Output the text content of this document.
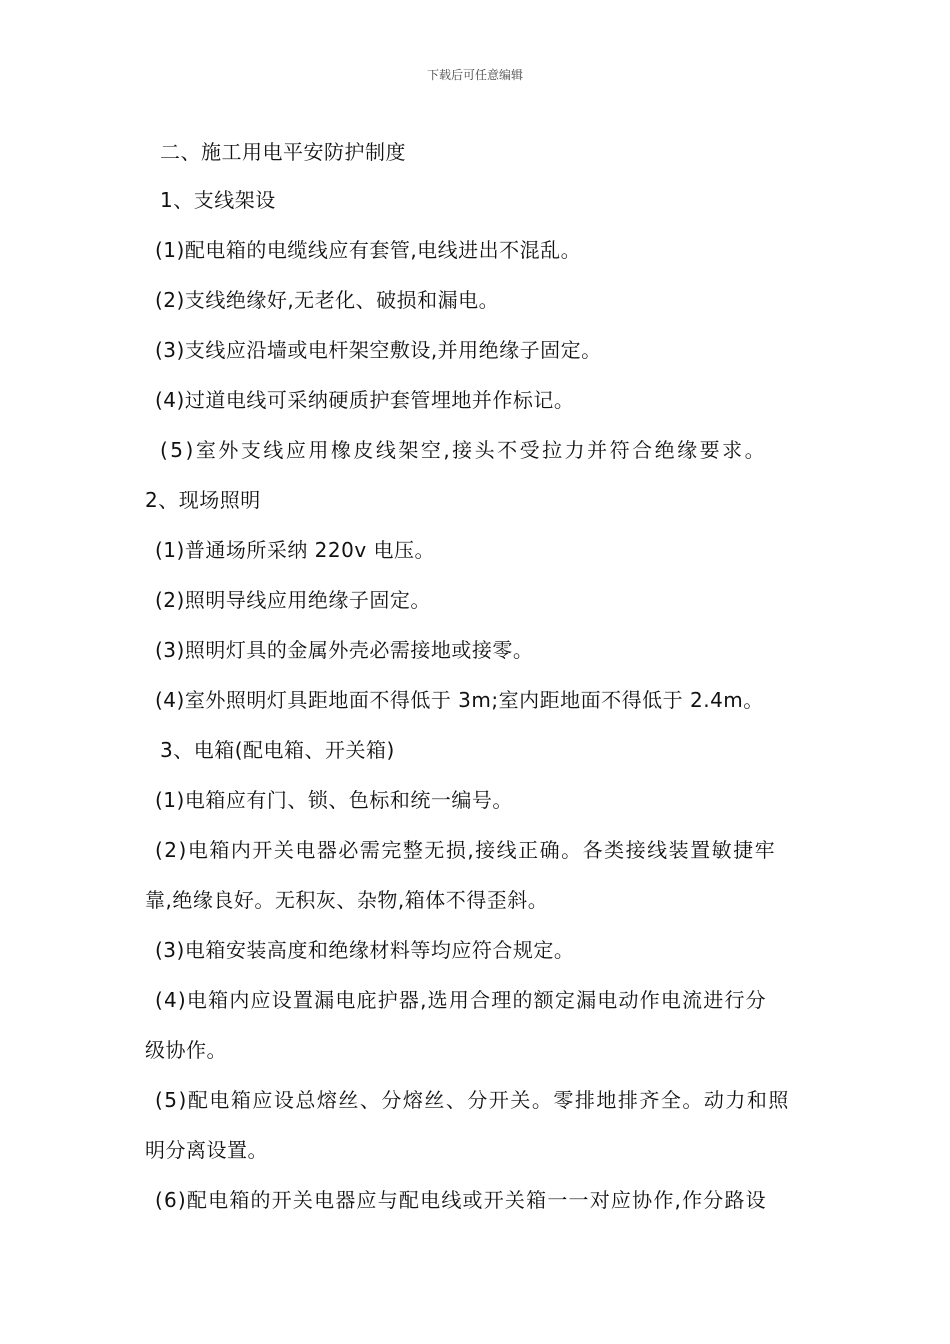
下载后可任意编辑
二、施工用电平安防护制度
1、支线架设
(1)配电箱的电缆线应有套管,电线进出不混乱。
(2)支线绝缘好,无老化、破损和漏电。
(3)支线应沿墙或电杆架空敷设,并用绝缘子固定。
(4)过道电线可采纳硬质护套管埋地并作标记。
(5)室外支线应用橡皮线架空,接头不受拉力并符合绝缘要求。
2、现场照明
(1)普通场所采纳 220v 电压。
(2)照明导线应用绝缘子固定。
(3)照明灯具的金属外壳必需接地或接零。
(4)室外照明灯具距地面不得低于 3m;室内距地面不得低于 2.4m。
3、电箱(配电箱、开关箱)
(1)电箱应有门、锁、色标和统一编号。
(2)电箱内开关电器必需完整无损,接线正确。各类接线装置敏捷牢
靠,绝缘良好。无积灰、杂物,箱体不得歪斜。
(3)电箱安装高度和绝缘材料等均应符合规定。
(4)电箱内应设置漏电庇护器,选用合理的额定漏电动作电流进行分
级协作。
(5)配电箱应设总熔丝、分熔丝、分开关。零排地排齐全。动力和照
明分离设置。
(6)配电箱的开关电器应与配电线或开关箱一一对应协作,作分路设
